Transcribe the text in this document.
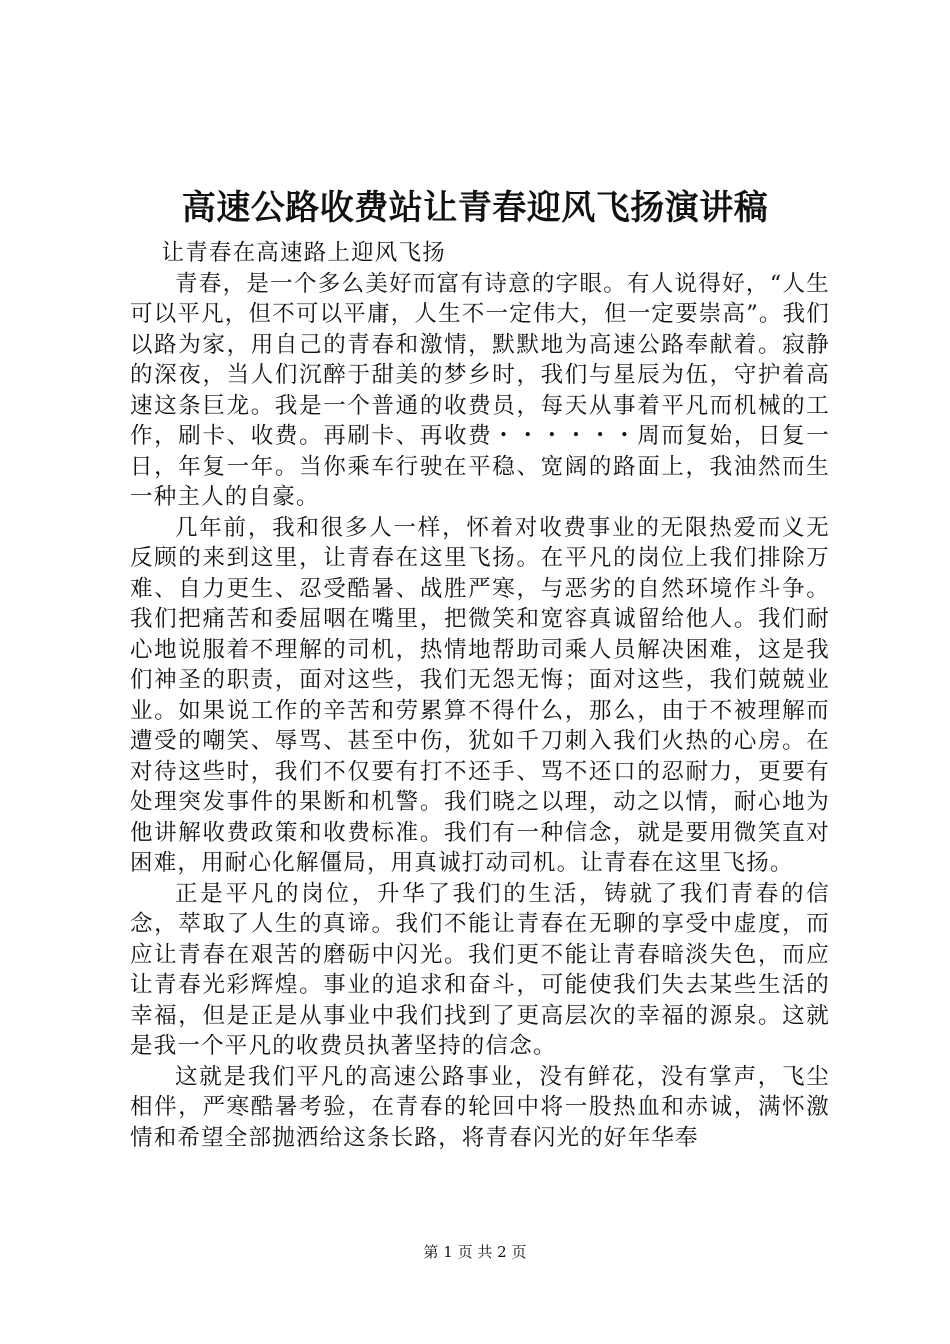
高速公路收费站让青春迎风飞扬演讲稿

让青春在高速路上迎风飞扬

青春，是一个多么美好而富有诗意的字眼。有人说得好，“人生可以平凡，但不可以平庸，人生不一定伟大，但一定要崇高”。我们以路为家，用自己的青春和激情，默默地为高速公路奉献着。寂静的深夜，当人们沉醉于甜美的梦乡时，我们与星辰为伍，守护着高速这条巨龙。我是一个普通的收费员，每天从事着平凡而机械的工作，刷卡、收费。再刷卡、再收费・・・・・・周而复始，日复一日，年复一年。当你乘车行驶在平稳、宽阔的路面上，我油然而生一种主人的自豪。

几年前，我和很多人一样，怀着对收费事业的无限热爱而义无反顾的来到这里，让青春在这里飞扬。在平凡的岗位上我们排除万难、自力更生、忍受酷暑、战胜严寒，与恶劣的自然环境作斗争。我们把痛苦和委屈咽在嘴里，把微笑和宽容真诚留给他人。我们耐心地说服着不理解的司机，热情地帮助司乘人员解决困难，这是我们神圣的职责，面对这些，我们无怨无悔；面对这些，我们兢兢业业。如果说工作的辛苦和劳累算不得什么，那么，由于不被理解而遭受的嘲笑、辱骂、甚至中伤，犹如千刀刺入我们火热的心房。在对待这些时，我们不仅要有打不还手、骂不还口的忍耐力，更要有处理突发事件的果断和机警。我们晓之以理，动之以情，耐心地为他讲解收费政策和收费标准。我们有一种信念，就是要用微笑直对困难，用耐心化解僵局，用真诚打动司机。让青春在这里飞扬。

正是平凡的岗位，升华了我们的生活，铸就了我们青春的信念，萃取了人生的真谛。我们不能让青春在无聊的享受中虚度，而应让青春在艰苦的磨砺中闪光。我们更不能让青春暗淡失色，而应让青春光彩辉煌。事业的追求和奋斗，可能使我们失去某些生活的幸福，但是正是从事业中我们找到了更高层次的幸福的源泉。这就是我一个平凡的收费员执著坚持的信念。

这就是我们平凡的高速公路事业，没有鲜花，没有掌声，飞尘相伴，严寒酷暑考验，在青春的轮回中将一股热血和赤诚，满怀激情和希望全部抛洒给这条长路，将青春闪光的好年华奉

第 1 页 共 2 页
